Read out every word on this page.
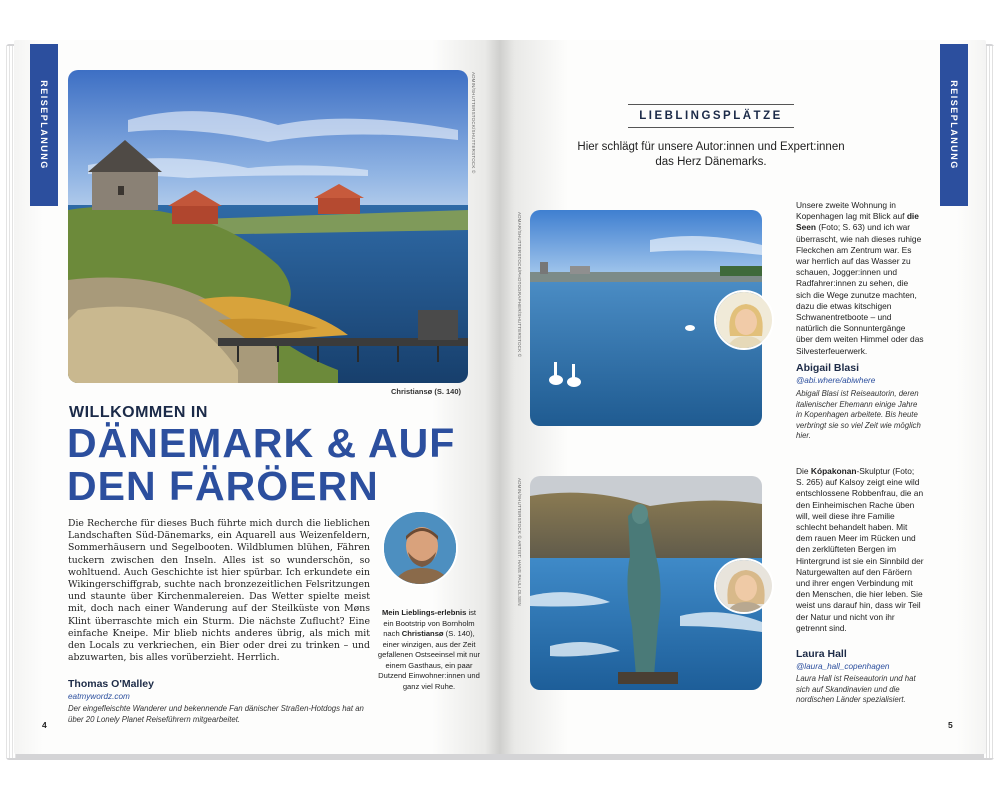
REISEPLANUNG	ADMIN/SHUTTERSTOCK/SHUTTERSTOCK ©
Christiansø (S. 140)
WILLKOMMEN IN
DÄNEMARK & AUF
DEN FÄRÖERN
Die Recherche für dieses Buch führte mich durch die lieblichen Landschaften Süd-Dänemarks, ein Aquarell aus Weizenfeldern, Sommerhäusern und Segelbooten. Wildblumen blühen, Fähren tuckern zwischen den Inseln. Alles ist so wunderschön, so wohltuend. Auch Geschichte ist hier spürbar. Ich erkundete ein Wikingerschiffgrab, suchte nach bronzezeitlichen Felsritzungen und staunte über Kirchenmalereien. Das Wetter spielte meist mit, doch nach einer Wanderung auf der Steilküste von Møns Klint überraschte mich ein Sturm. Die nächste Zuflucht? Eine einfache Kneipe. Mir blieb nichts anderes übrig, als mich mit den Locals zu verkriechen, ein Bier oder drei zu trinken – und abzuwarten, bis alles vorüberzieht. Herrlich.
Thomas O'Malley
eatmywordz.com
Der eingefleischte Wanderer und bekennende Fan dänischer Straßen-Hotdogs hat an über 20 Lonely Planet Reiseführern mitgearbeitet.
Mein Lieblings-erlebnis ist ein Bootstrip von Bornholm nach Christiansø (S. 140), einer winzigen, aus der Zeit gefallenen Ostseeinsel mit nur einem Gasthaus, ein paar Dutzend Einwohner:innen und ganz viel Ruhe.
4
REISEPLANUNG
LIEBLINGSPLÄTZE
Hier schlägt für unsere Autor:innen und Expert:innen
das Herz Dänemarks.
ADMAR/SHUTTERSTOCK/PHOTOGRAPHER/SHUTTERSTOCK ©
Unsere zweite Wohnung in Kopenhagen lag mit Blick auf die Seen (Foto; S. 63) und ich war überrascht, wie nah dieses ruhige Fleckchen am Zentrum war. Es war herrlich auf das Wasser zu schauen, Jogger:innen und Radfahrer:innen zu sehen, die sich die Wege zunutze machten, dazu die etwas kitschigen Schwanentretboote – und natürlich die Sonnuntergänge über dem weiten Himmel oder das Silvesterfeuerwerk.
Abigail Blasi
@abi.where/abiwhere
Abigail Blasi ist Reiseautorin, deren italienischer Ehemann einige Jahre in Kopenhagen arbeitete. Bis heute verbringt sie so viel Zeit wie möglich hier.
ADMIN/SHUTTERSTOCK © ARTIST: HANS PAULI OLSEN
Die Kópakonan-Skulptur (Foto; S. 265) auf Kalsoy zeigt eine wild entschlossene Robbenfrau, die an den Einheimischen Rache üben will, weil diese ihre Familie schlecht behandelt haben. Mit dem rauen Meer im Rücken und den zerklüfteten Bergen im Hintergrund ist sie ein Sinnbild der Naturgewalten auf den Färöern und ihrer engen Verbindung mit den Menschen, die hier leben. Sie weist uns darauf hin, dass wir Teil der Natur und nicht von ihr getrennt sind.
Laura Hall
@laura_hall_copenhagen
Laura Hall ist Reiseautorin und hat sich auf Skandinavien und die nordischen Länder spezialisiert.
5
